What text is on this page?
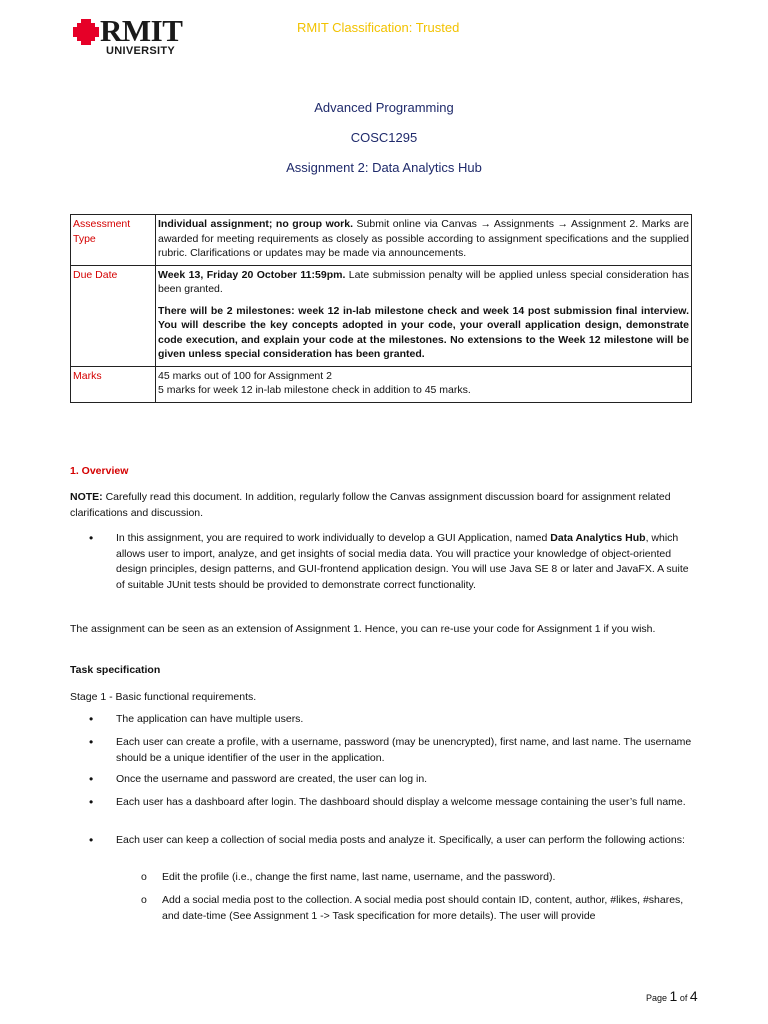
RMIT
UNIVERSITY
RMIT Classification: Trusted
Advanced Programming
COSC1295
Assignment 2: Data Analytics Hub
Assessment Type	Individual assignment; no group work. Submit online via Canvas → Assignments → Assignment 2. Marks are awarded for meeting requirements as closely as possible according to assignment specifications and the supplied rubric. Clarifications or updates may be made via announcements.
Due Date	Week 13, Friday 20 October 11:59pm. Late submission penalty will be applied unless special consideration has been granted.
There will be 2 milestones: week 12 in-lab milestone check and week 14 post submission final interview. You will describe the key concepts adopted in your code, your overall application design, demonstrate code execution, and explain your code at the milestones. No extensions to the Week 12 milestone will be given unless special consideration has been granted.

Marks	45 marks out of 100 for Assignment 2
5 marks for week 12 in-lab milestone check in addition to 45 marks.
1. Overview
NOTE: Carefully read this document. In addition, regularly follow the Canvas assignment discussion board for assignment related clarifications and discussion.
• In this assignment, you are required to work individually to develop a GUI Application, named Data Analytics Hub, which allows user to import, analyze, and get insights of social media data. You will practice your knowledge of object-oriented design principles, design patterns, and GUI-frontend application design. You will use Java SE 8 or later and JavaFX. A suite of suitable JUnit tests should be provided to demonstrate correct functionality.
The assignment can be seen as an extension of Assignment 1. Hence, you can re-use your code for Assignment 1 if you wish.
Task specification
Stage 1 - Basic functional requirements.
• The application can have multiple users.
• Each user can create a profile, with a username, password (may be unencrypted), first name, and last name. The username should be a unique identifier of the user in the application.
• Once the username and password are created, the user can log in.
• Each user has a dashboard after login. The dashboard should display a welcome message containing the user’s full name.
• Each user can keep a collection of social media posts and analyze it. Specifically, a user can perform the following actions:
o Edit the profile (i.e., change the first name, last name, username, and the password).
o Add a social media post to the collection. A social media post should contain ID, content, author, #likes, #shares, and date-time (See Assignment 1 -> Task specification for more details). The user will provide
Page 1 of 4
